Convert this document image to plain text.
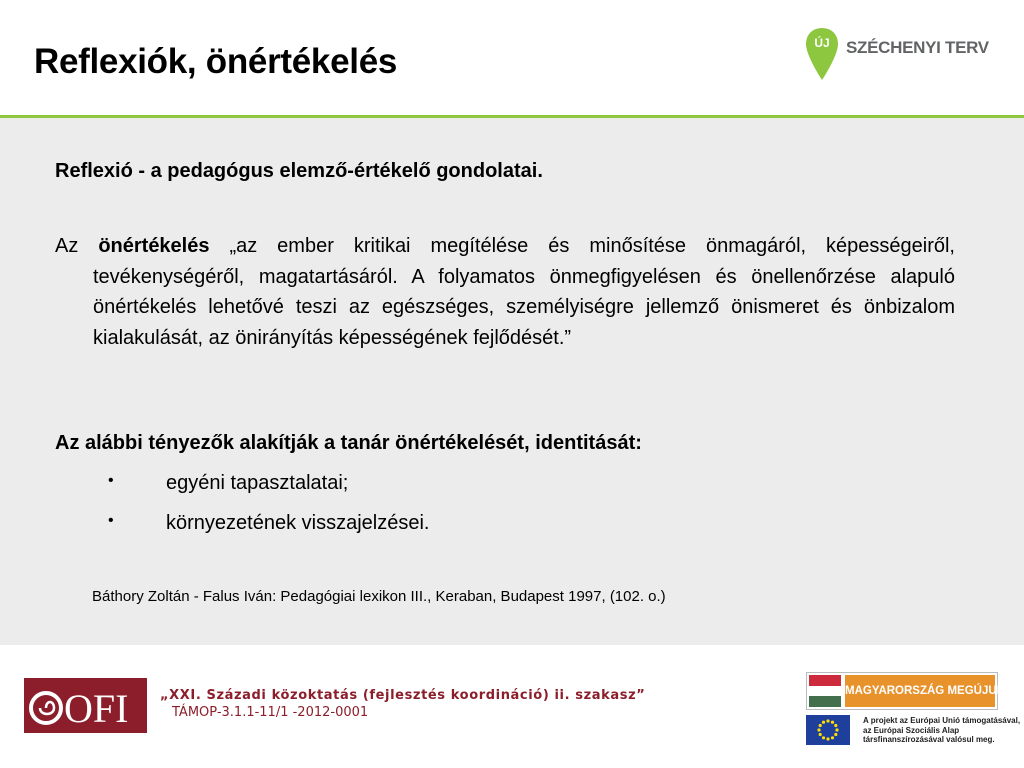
Reflexiók, önértékelés	ÚJ SZÉCHENYI TERV
Reflexió - a pedagógus elemző-értékelő gondolatai.
Az önértékelés „az ember kritikai megítélése és minősítése önmagáról, képességeiről, tevékenységéről, magatartásáról. A folyamatos önmegfigyelésen és önellenőrzése alapuló önértékelés lehetővé teszi az egészséges, személyiségre jellemző önismeret és önbizalom kialakulását, az önirányítás képességének fejlődését.”
Az alábbi tényezők alakítják a tanár önértékelését, identitását:
•	egyéni tapasztalatai;
•	környezetének visszajelzései.
Báthory Zoltán - Falus Iván: Pedagógiai lexikon III., Keraban, Budapest 1997, (102. o.)
OFI „XXI. Századi közoktatás (fejlesztés koordináció) ii. szakasz”
TÁMOP-3.1.1-11/1 -2012-0001
MAGYARORSZÁG MEGÚJUL
A projekt az Európai Unió támogatásával,
az Európai Szociális Alap
társfinanszírozásával valósul meg.
